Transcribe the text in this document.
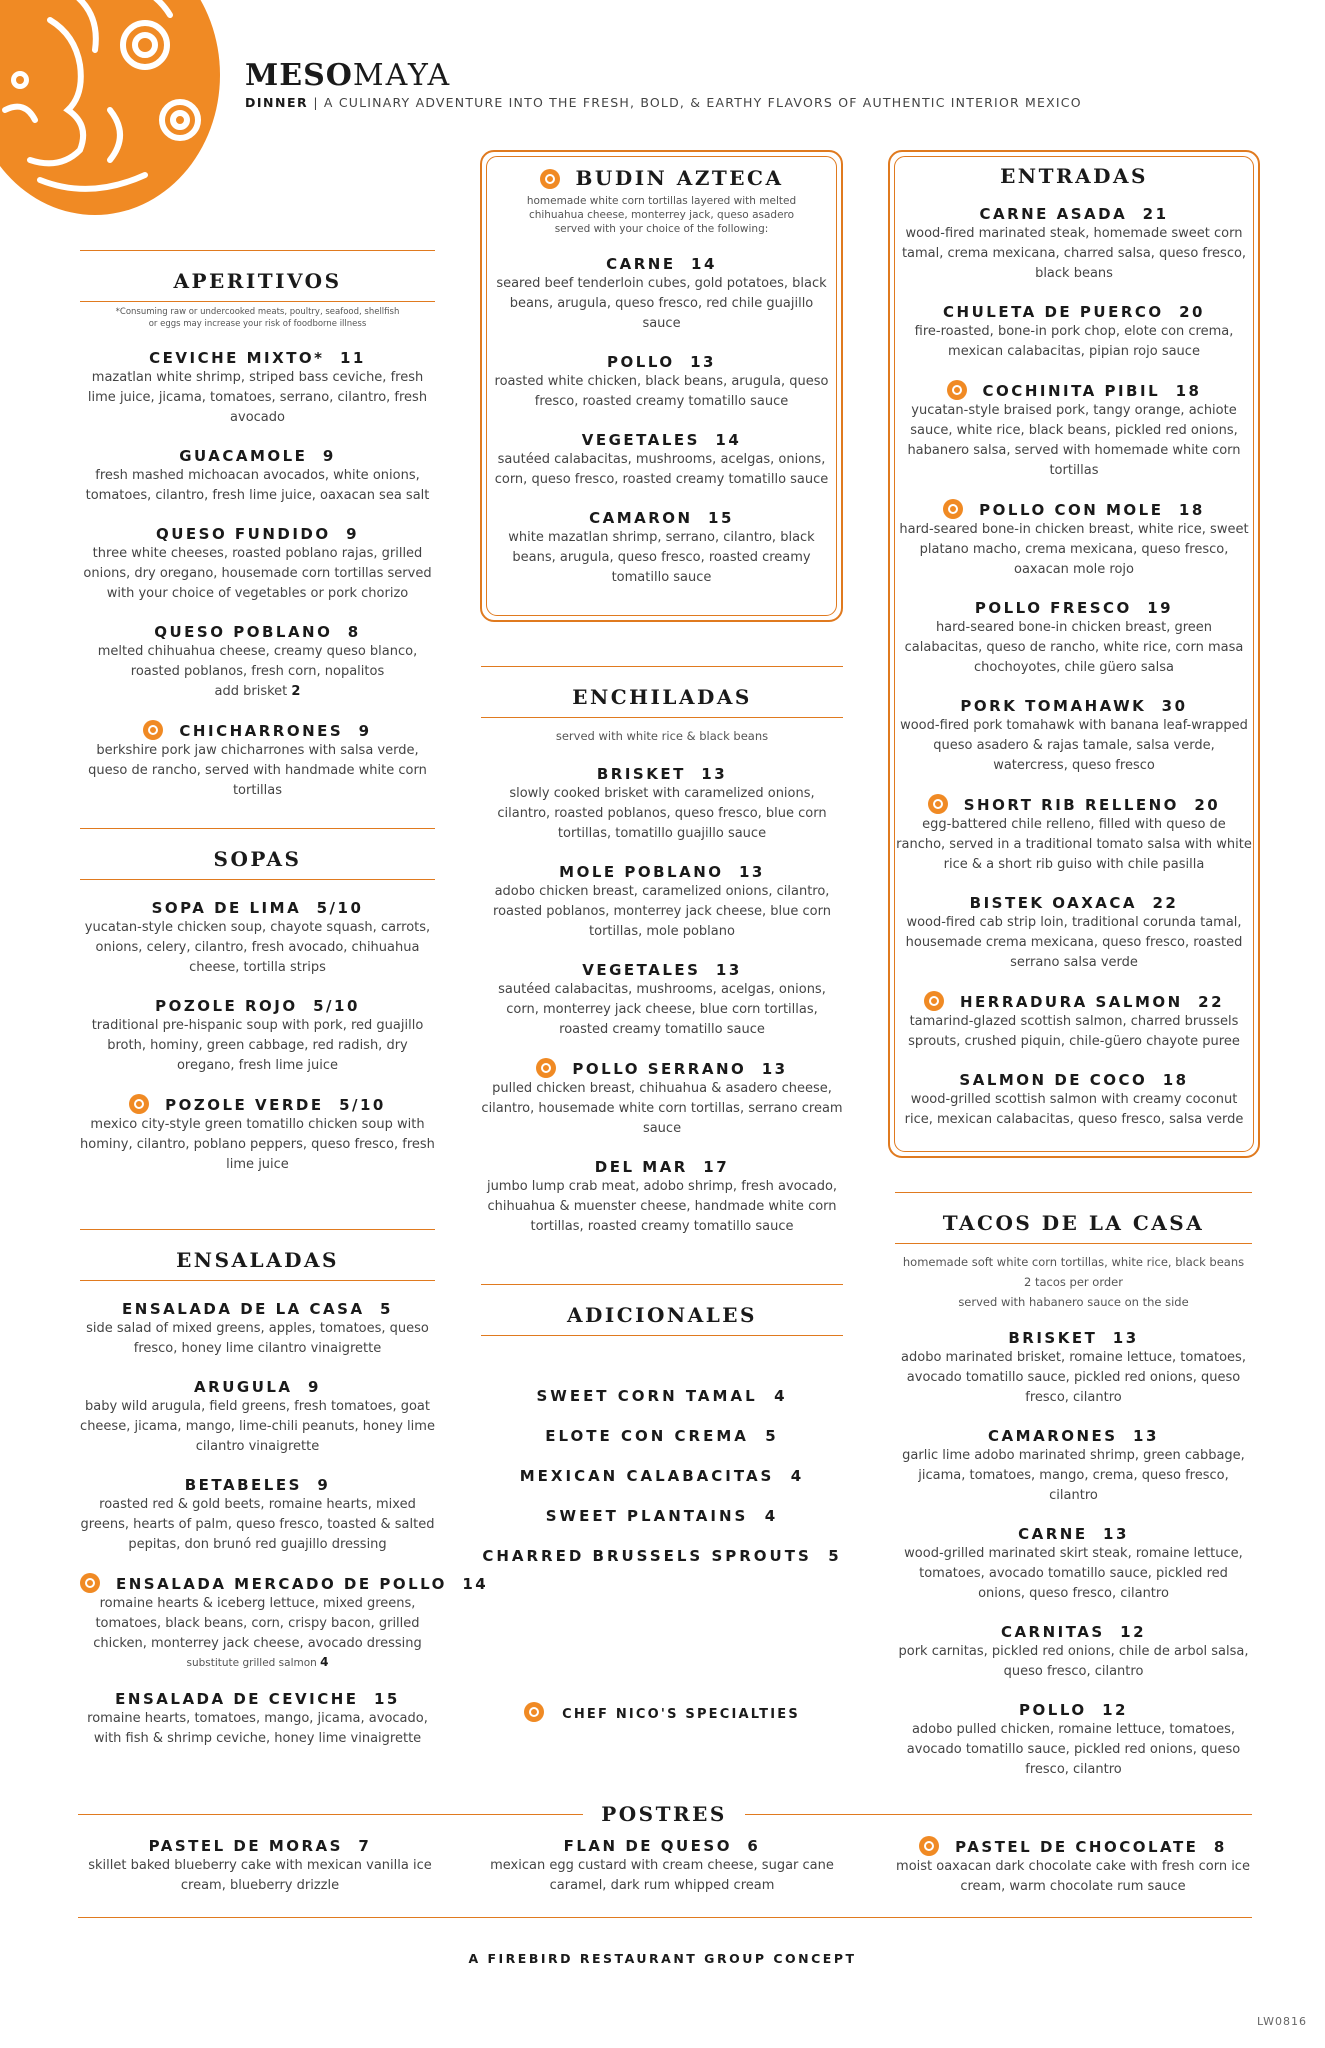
MESOMAYA
DINNER | A CULINARY ADVENTURE INTO THE FRESH, BOLD, & EARTHY FLAVORS OF AUTHENTIC INTERIOR MEXICO
APERITIVOS
*Consuming raw or undercooked meats, poultry, seafood, shellfish or eggs may increase your risk of foodborne illness
CEVICHE MIXTO*  11
mazatlan white shrimp, striped bass ceviche, fresh lime juice, jicama, tomatoes, serrano, cilantro, fresh avocado
GUACAMOLE  9
fresh mashed michoacan avocados, white onions, tomatoes, cilantro, fresh lime juice, oaxacan sea salt
QUESO FUNDIDO  9
three white cheeses, roasted poblano rajas, grilled onions, dry oregano, housemade corn tortillas served with your choice of vegetables or pork chorizo
QUESO POBLANO  8
melted chihuahua cheese, creamy queso blanco, roasted poblanos, fresh corn, nopalitos
add brisket 2
CHICHARRONES  9
berkshire pork jaw chicharrones with salsa verde, queso de rancho, served with handmade white corn tortillas
SOPAS
SOPA DE LIMA  5/10
yucatan-style chicken soup, chayote squash, carrots, onions, celery, cilantro, fresh avocado, chihuahua cheese, tortilla strips
POZOLE ROJO  5/10
traditional pre-hispanic soup with pork, red guajillo broth, hominy, green cabbage, red radish, dry oregano, fresh lime juice
POZOLE VERDE  5/10
mexico city-style green tomatillo chicken soup with hominy, cilantro, poblano peppers, queso fresco, fresh lime juice
ENSALADAS
ENSALADA DE LA CASA  5
side salad of mixed greens, apples, tomatoes, queso fresco, honey lime cilantro vinaigrette
ARUGULA  9
baby wild arugula, field greens, fresh tomatoes, goat cheese, jicama, mango, lime-chili peanuts, honey lime cilantro vinaigrette
BETABELES  9
roasted red & gold beets, romaine hearts, mixed greens, hearts of palm, queso fresco, toasted & salted pepitas, don brunó red guajillo dressing
ENSALADA MERCADO DE POLLO  14
romaine hearts & iceberg lettuce, mixed greens, tomatoes, black beans, corn, crispy bacon, grilled chicken, monterrey jack cheese, avocado dressing
substitute grilled salmon 4
ENSALADA DE CEVICHE  15
romaine hearts, tomatoes, mango, jicama, avocado, with fish & shrimp ceviche, honey lime vinaigrette
BUDIN AZTECA
homemade white corn tortillas layered with melted chihuahua cheese, monterrey jack, queso asadero served with your choice of the following:
CARNE  14
seared beef tenderloin cubes, gold potatoes, black beans, arugula, queso fresco, red chile guajillo sauce
POLLO  13
roasted white chicken, black beans, arugula, queso fresco, roasted creamy tomatillo sauce
VEGETALES  14
sautéed calabacitas, mushrooms, acelgas, onions, corn, queso fresco, roasted creamy tomatillo sauce
CAMARON  15
white mazatlan shrimp, serrano, cilantro, black beans, arugula, queso fresco, roasted creamy tomatillo sauce
ENCHILADAS
served with white rice & black beans
BRISKET  13
slowly cooked brisket with caramelized onions, cilantro, roasted poblanos, queso fresco, blue corn tortillas, tomatillo guajillo sauce
MOLE POBLANO  13
adobo chicken breast, caramelized onions, cilantro, roasted poblanos, monterrey jack cheese, blue corn tortillas, mole poblano
VEGETALES  13
sautéed calabacitas, mushrooms, acelgas, onions, corn, monterrey jack cheese, blue corn tortillas, roasted creamy tomatillo sauce
POLLO SERRANO  13
pulled chicken breast, chihuahua & asadero cheese, cilantro, housemade white corn tortillas, serrano cream sauce
DEL MAR  17
jumbo lump crab meat, adobo shrimp, fresh avocado, chihuahua & muenster cheese, handmade white corn tortillas, roasted creamy tomatillo sauce
ADICIONALES
SWEET CORN TAMAL  4
ELOTE CON CREMA  5
MEXICAN CALABACITAS  4
SWEET PLANTAINS  4
CHARRED BRUSSELS SPROUTS  5
CHEF NICO'S SPECIALTIES
ENTRADAS
CARNE ASADA  21
wood-fired marinated steak, homemade sweet corn tamal, crema mexicana, charred salsa, queso fresco, black beans
CHULETA DE PUERCO  20
fire-roasted, bone-in pork chop, elote con crema, mexican calabacitas, pipian rojo sauce
COCHINITA PIBIL  18
yucatan-style braised pork, tangy orange, achiote sauce, white rice, black beans, pickled red onions, habanero salsa, served with homemade white corn tortillas
POLLO CON MOLE  18
hard-seared bone-in chicken breast, white rice, sweet platano macho, crema mexicana, queso fresco, oaxacan mole rojo
POLLO FRESCO  19
hard-seared bone-in chicken breast, green calabacitas, queso de rancho, white rice, corn masa chochoyotes, chile güero salsa
PORK TOMAHAWK  30
wood-fired pork tomahawk with banana leaf-wrapped queso asadero & rajas tamale, salsa verde, watercress, queso fresco
SHORT RIB RELLENO  20
egg-battered chile relleno, filled with queso de rancho, served in a traditional tomato salsa with white rice & a short rib guiso with chile pasilla
BISTEK OAXACA  22
wood-fired cab strip loin, traditional corunda tamal, housemade crema mexicana, queso fresco, roasted serrano salsa verde
HERRADURA SALMON  22
tamarind-glazed scottish salmon, charred brussels sprouts, crushed piquin, chile-güero chayote puree
SALMON DE COCO  18
wood-grilled scottish salmon with creamy coconut rice, mexican calabacitas, queso fresco, salsa verde
TACOS DE LA CASA
homemade soft white corn tortillas, white rice, black beans
2 tacos per order
served with habanero sauce on the side
BRISKET  13
adobo marinated brisket, romaine lettuce, tomatoes, avocado tomatillo sauce, pickled red onions, queso fresco, cilantro
CAMARONES  13
garlic lime adobo marinated shrimp, green cabbage, jicama, tomatoes, mango, crema, queso fresco, cilantro
CARNE  13
wood-grilled marinated skirt steak, romaine lettuce, tomatoes, avocado tomatillo sauce, pickled red onions, queso fresco, cilantro
CARNITAS  12
pork carnitas, pickled red onions, chile de arbol salsa, queso fresco, cilantro
POLLO  12
adobo pulled chicken, romaine lettuce, tomatoes, avocado tomatillo sauce, pickled red onions, queso fresco, cilantro
POSTRES
PASTEL DE MORAS  7
skillet baked blueberry cake with mexican vanilla ice cream, blueberry drizzle
FLAN DE QUESO  6
mexican egg custard with cream cheese, sugar cane caramel, dark rum whipped cream
PASTEL DE CHOCOLATE  8
moist oaxacan dark chocolate cake with fresh corn ice cream, warm chocolate rum sauce
A FIREBIRD RESTAURANT GROUP CONCEPT
LW0816
